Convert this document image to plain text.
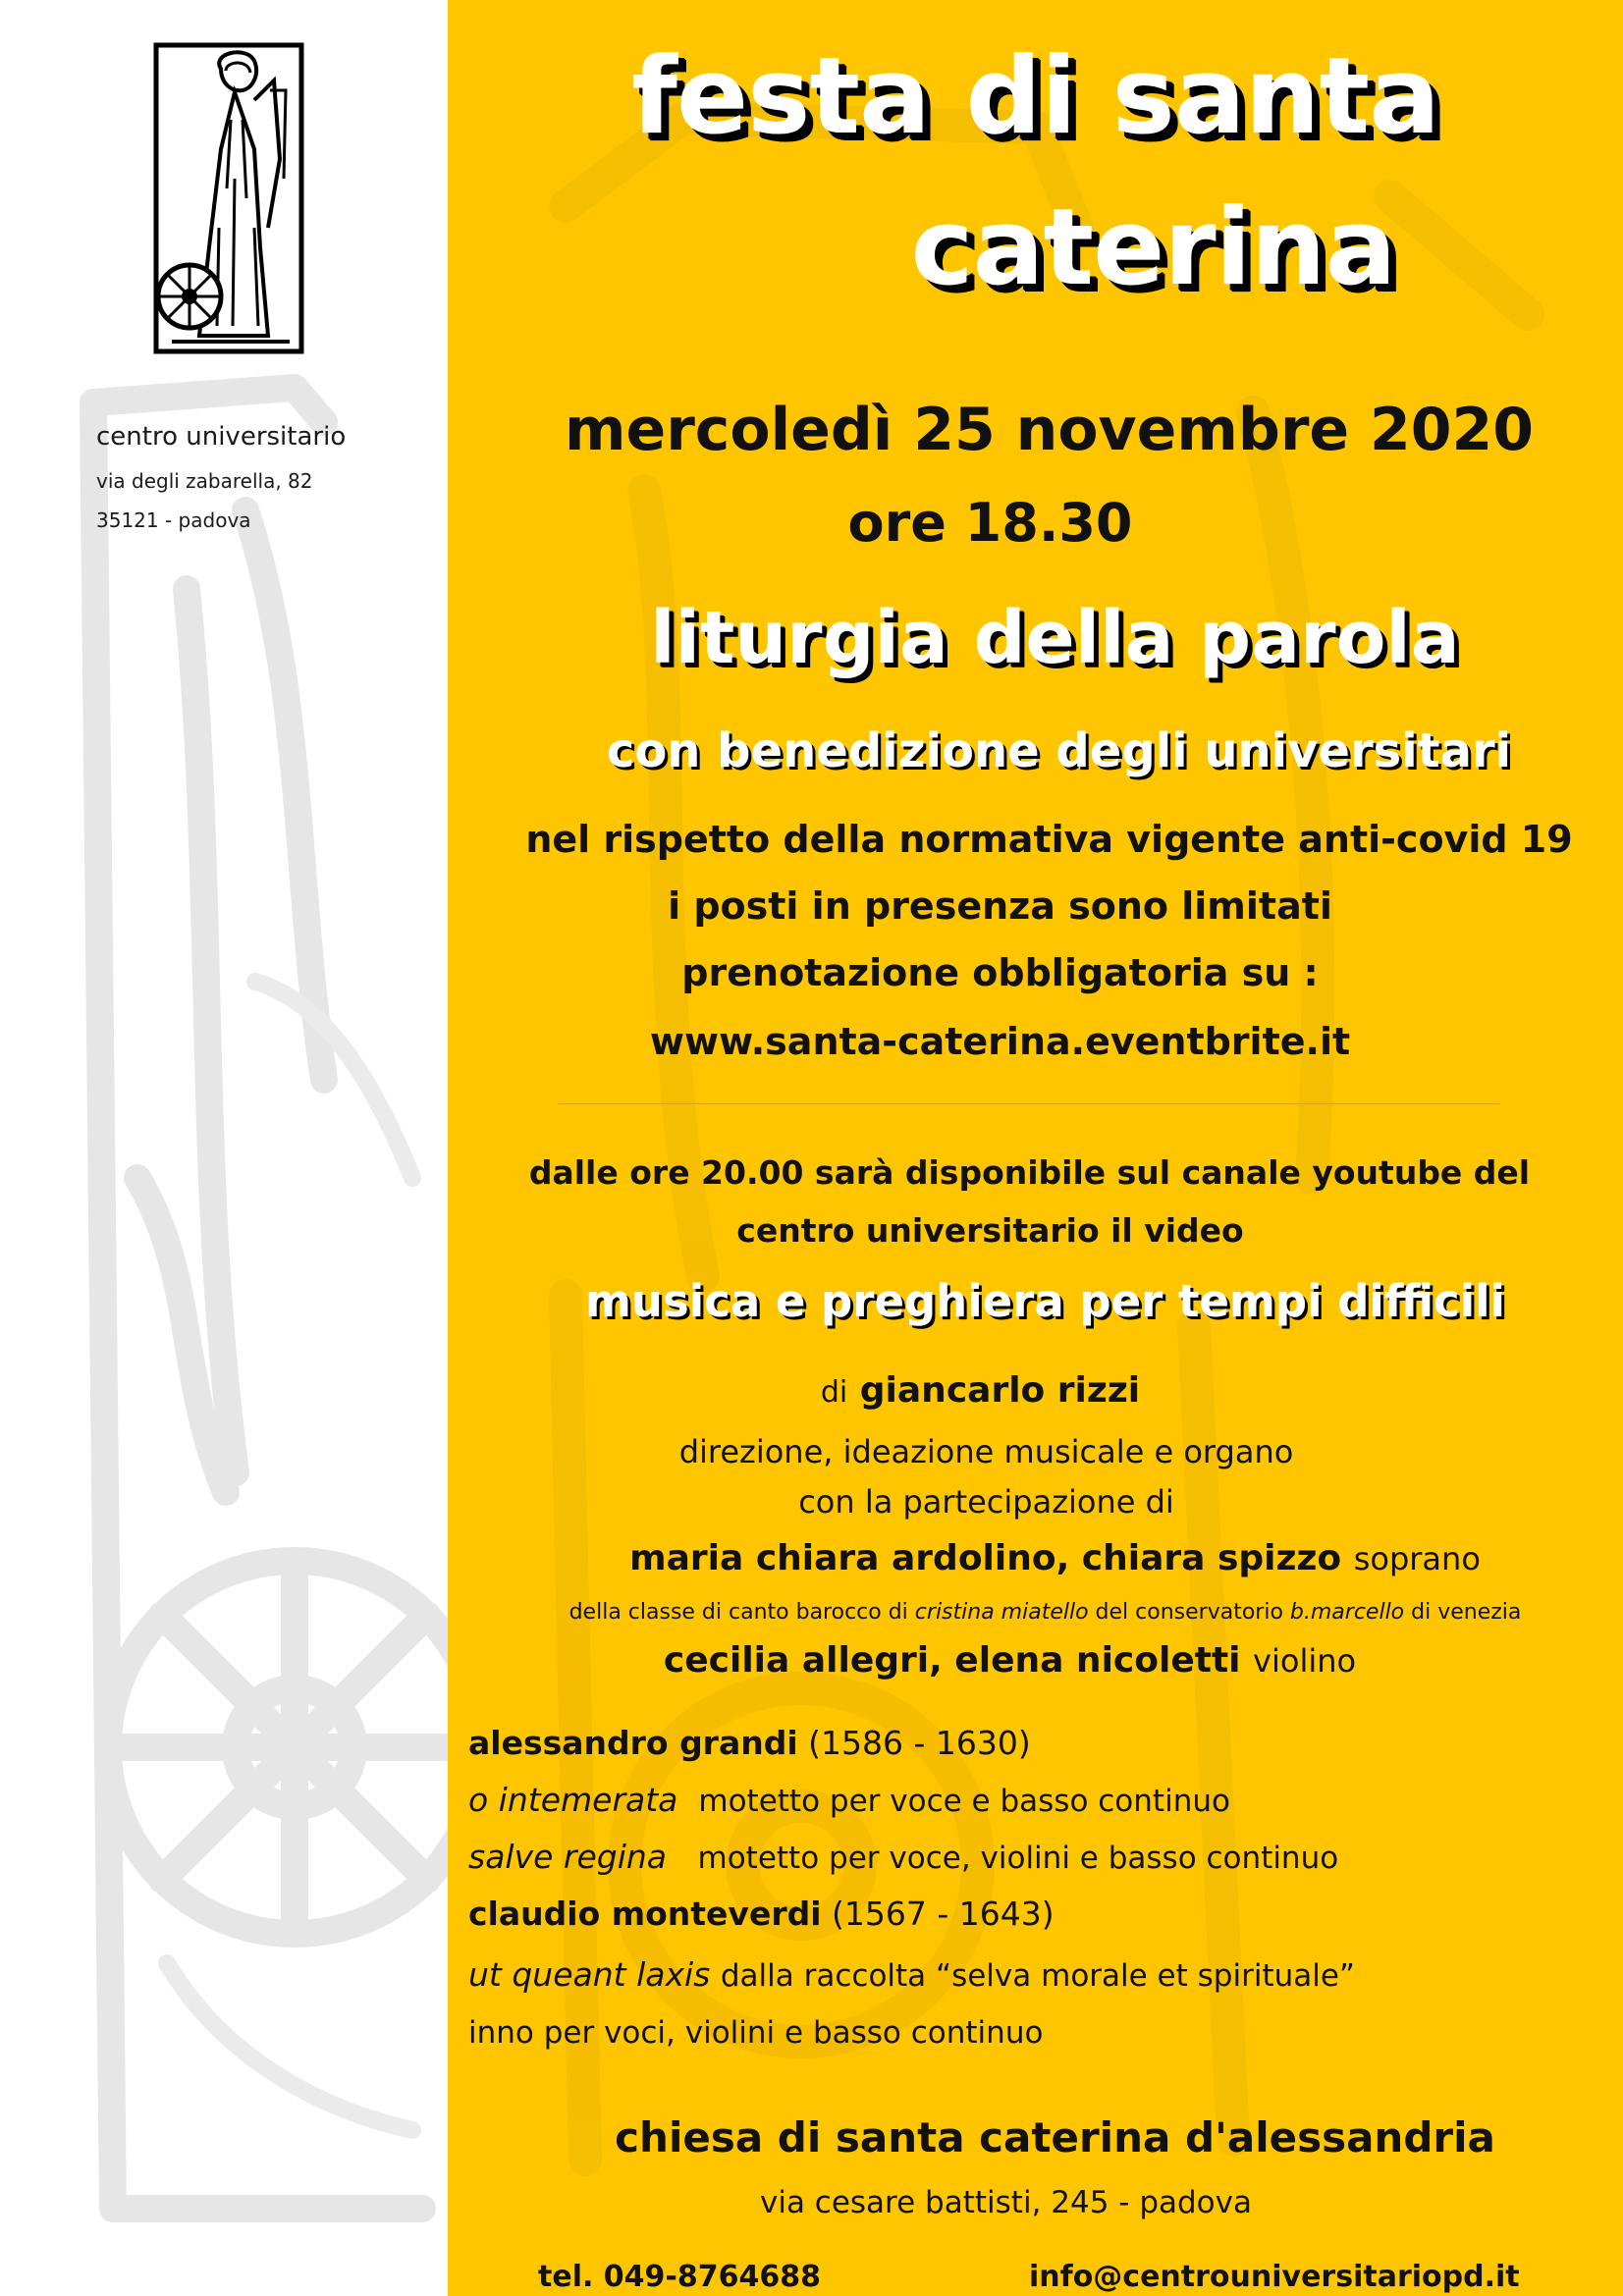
centro universitario
via degli zabarella, 82
35121 - padova
festa di santa
caterina
mercoledì 25 novembre 2020
ore 18.30
liturgia della parola
con benedizione degli universitari
nel rispetto della normativa vigente anti-covid 19
i posti in presenza sono limitati
prenotazione obbligatoria su :
www.santa-caterina.eventbrite.it
dalle ore 20.00 sarà disponibile sul canale youtube del
centro universitario il video
musica e preghiera per tempi difficili
di giancarlo rizzi
direzione, ideazione musicale e organo
con la partecipazione di
maria chiara ardolino, chiara spizzo soprano
della classe di canto barocco di cristina miatello del conservatorio b.marcello di venezia
cecilia allegri, elena nicoletti violino
alessandro grandi (1586 - 1630)
o intemerata motetto per voce e basso continuo
salve regina motetto per voce, violini e basso continuo
claudio monteverdi (1567 - 1643)
ut queant laxis dalla raccolta “selva morale et spirituale”
inno per voci, violini e basso continuo
chiesa di santa caterina d'alessandria
via cesare battisti, 245 - padova
tel. 049-8764688	info@centrouniversitariopd.it
